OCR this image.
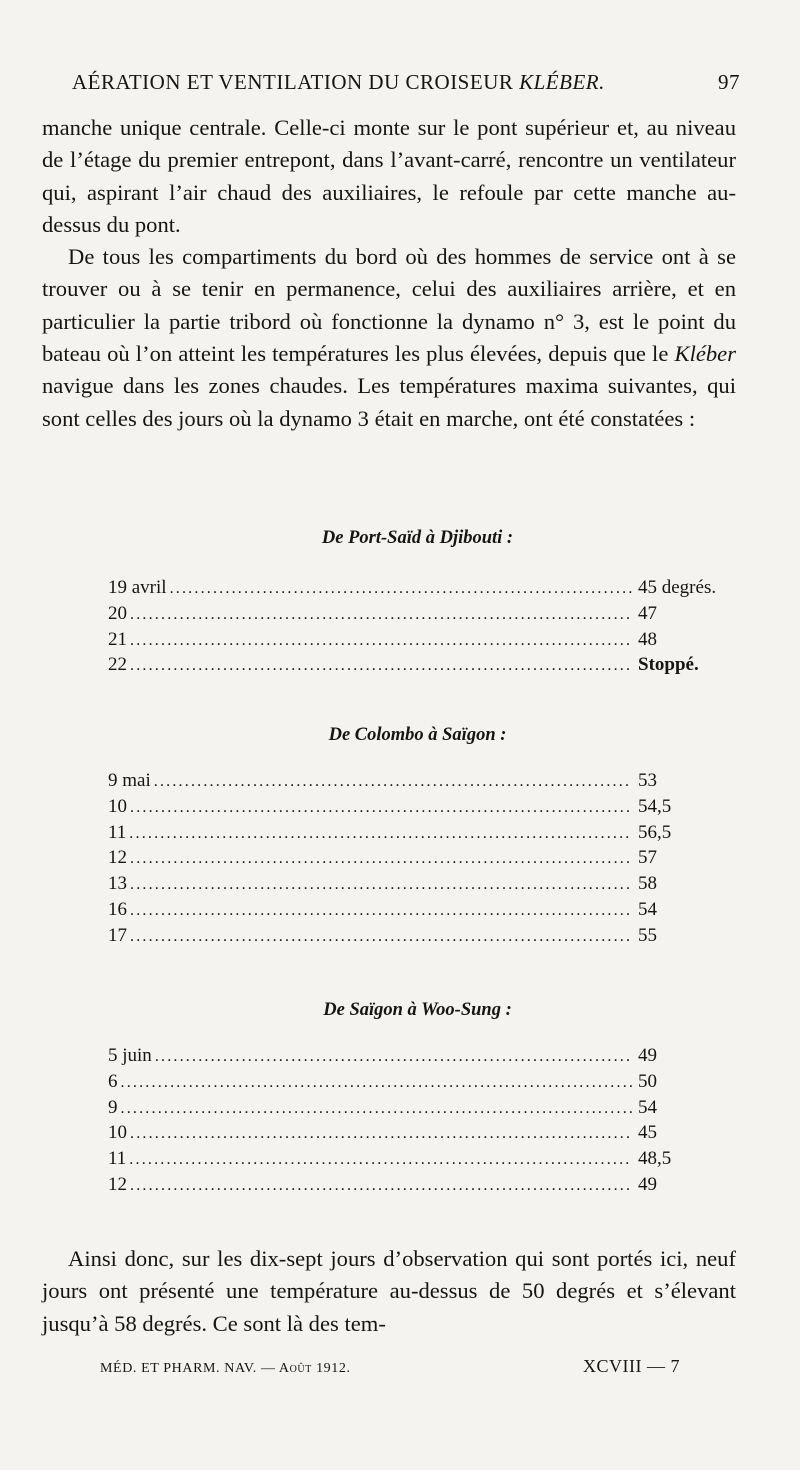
AÉRATION ET VENTILATION DU CROISEUR KLÉBER.	97

manche unique centrale. Celle-ci monte sur le pont supérieur et, au niveau de l’étage du premier entrepont, dans l’avant-carré, rencontre un ventilateur qui, aspirant l’air chaud des auxiliaires, le refoule par cette manche au-dessus du pont.

De tous les compartiments du bord où des hommes de service ont à se trouver ou à se tenir en permanence, celui des auxiliaires arrière, et en particulier la partie tribord où fonctionne la dynamo n° 3, est le point du bateau où l’on atteint les températures les plus élevées, depuis que le Kléber navigue dans les zones chaudes. Les températures maxima suivantes, qui sont celles des jours où la dynamo 3 était en marche, ont été constatées :

De Port-Saïd à Djibouti :
19 avril .....	45 degrés.
20 .....	47
21 .....	48
22 .....	Stoppé.
De Colombo à Saïgon :
9 mai .....	53
10 .....	54,5
11 .....	56,5
12 .....	57
13 .....	58
16 .....	54
17 .....	55
De Saïgon à Woo-Sung :
5 juin .....	49
6 .....	50
9 .....	54
10 .....	45
11 .....	48,5
12 .....	49

Ainsi donc, sur les dix-sept jours d’observation qui sont portés ici, neuf jours ont présenté une température au-dessus de 50 degrés et s’élevant jusqu’à 58 degrés. Ce sont là des tem-

MÉD. ET PHARM. NAV. — Août 1912.	XCVIII — 7
